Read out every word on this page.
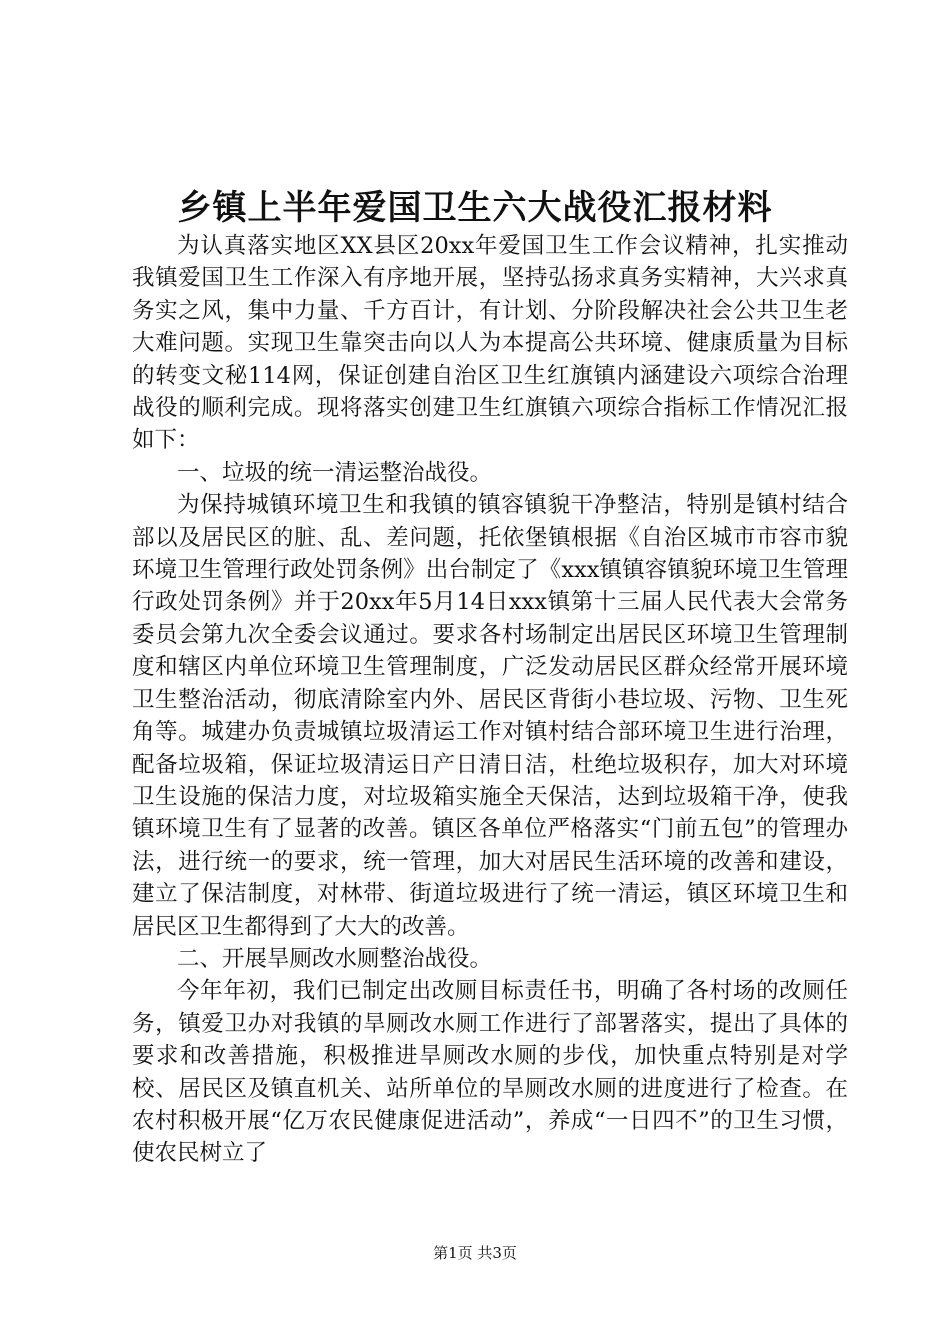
乡镇上半年爱国卫生六大战役汇报材料

为认真落实地区XX县区20xx年爱国卫生工作会议精神，扎实推动我镇爱国卫生工作深入有序地开展，坚持弘扬求真务实精神，大兴求真务实之风，集中力量、千方百计，有计划、分阶段解决社会公共卫生老大难问题。实现卫生靠突击向以人为本提高公共环境、健康质量为目标的转变文秘114网，保证创建自治区卫生红旗镇内涵建设六项综合治理战役的顺利完成。现将落实创建卫生红旗镇六项综合指标工作情况汇报如下：

一、垃圾的统一清运整治战役。

为保持城镇环境卫生和我镇的镇容镇貌干净整洁，特别是镇村结合部以及居民区的脏、乱、差问题，托依堡镇根据《自治区城市市容市貌环境卫生管理行政处罚条例》出台制定了《xxx镇镇容镇貌环境卫生管理行政处罚条例》并于20xx年5月14日xxx镇第十三届人民代表大会常务委员会第九次全委会议通过。要求各村场制定出居民区环境卫生管理制度和辖区内单位环境卫生管理制度，广泛发动居民区群众经常开展环境卫生整治活动，彻底清除室内外、居民区背街小巷垃圾、污物、卫生死角等。城建办负责城镇垃圾清运工作对镇村结合部环境卫生进行治理，配备垃圾箱，保证垃圾清运日产日清日洁，杜绝垃圾积存，加大对环境卫生设施的保洁力度，对垃圾箱实施全天保洁，达到垃圾箱干净，使我镇环境卫生有了显著的改善。镇区各单位严格落实“门前五包”的管理办法，进行统一的要求，统一管理，加大对居民生活环境的改善和建设，建立了保洁制度，对林带、街道垃圾进行了统一清运，镇区环境卫生和居民区卫生都得到了大大的改善。

二、开展旱厕改水厕整治战役。

今年年初，我们已制定出改厕目标责任书，明确了各村场的改厕任务，镇爱卫办对我镇的旱厕改水厕工作进行了部署落实，提出了具体的要求和改善措施，积极推进旱厕改水厕的步伐，加快重点特别是对学校、居民区及镇直机关、站所单位的旱厕改水厕的进度进行了检查。在农村积极开展“亿万农民健康促进活动”，养成“一日四不”的卫生习惯，使农民树立了

第1页 共3页
